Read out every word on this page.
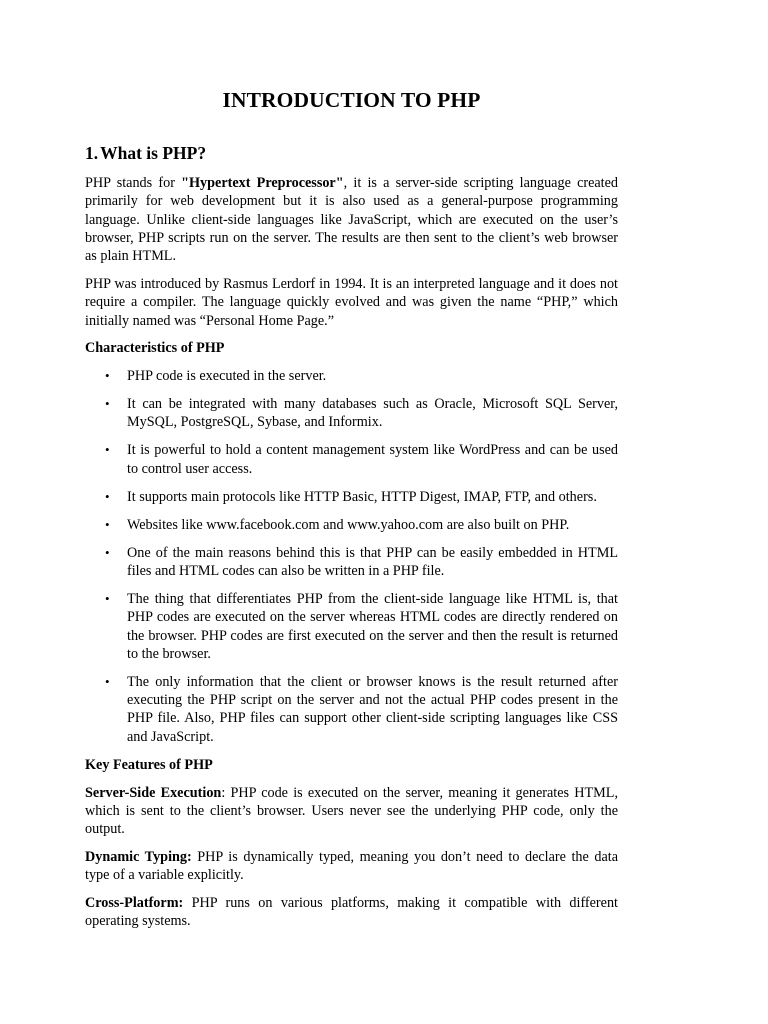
INTRODUCTION TO PHP
1. What is PHP?

PHP stands for "Hypertext Preprocessor", it is a server-side scripting language created primarily for web development but it is also used as a general-purpose programming language. Unlike client-side languages like JavaScript, which are executed on the user’s browser, PHP scripts run on the server. The results are then sent to the client’s web browser as plain HTML.

PHP was introduced by Rasmus Lerdorf in 1994. It is an interpreted language and it does not require a compiler. The language quickly evolved and was given the name “PHP,” which initially named was “Personal Home Page.”

Characteristics of PHP
• PHP code is executed in the server.
• It can be integrated with many databases such as Oracle, Microsoft SQL Server, MySQL, PostgreSQL, Sybase, and Informix.
• It is powerful to hold a content management system like WordPress and can be used to control user access.
• It supports main protocols like HTTP Basic, HTTP Digest, IMAP, FTP, and others.
• Websites like www.facebook.com and www.yahoo.com are also built on PHP.
• One of the main reasons behind this is that PHP can be easily embedded in HTML files and HTML codes can also be written in a PHP file.
• The thing that differentiates PHP from the client-side language like HTML is, that PHP codes are executed on the server whereas HTML codes are directly rendered on the browser. PHP codes are first executed on the server and then the result is returned to the browser.
• The only information that the client or browser knows is the result returned after executing the PHP script on the server and not the actual PHP codes present in the PHP file. Also, PHP files can support other client-side scripting languages like CSS and JavaScript.
Key Features of PHP

Server-Side Execution: PHP code is executed on the server, meaning it generates HTML, which is sent to the client’s browser. Users never see the underlying PHP code, only the output.

Dynamic Typing: PHP is dynamically typed, meaning you don’t need to declare the data type of a variable explicitly.

Cross-Platform: PHP runs on various platforms, making it compatible with different operating systems.
